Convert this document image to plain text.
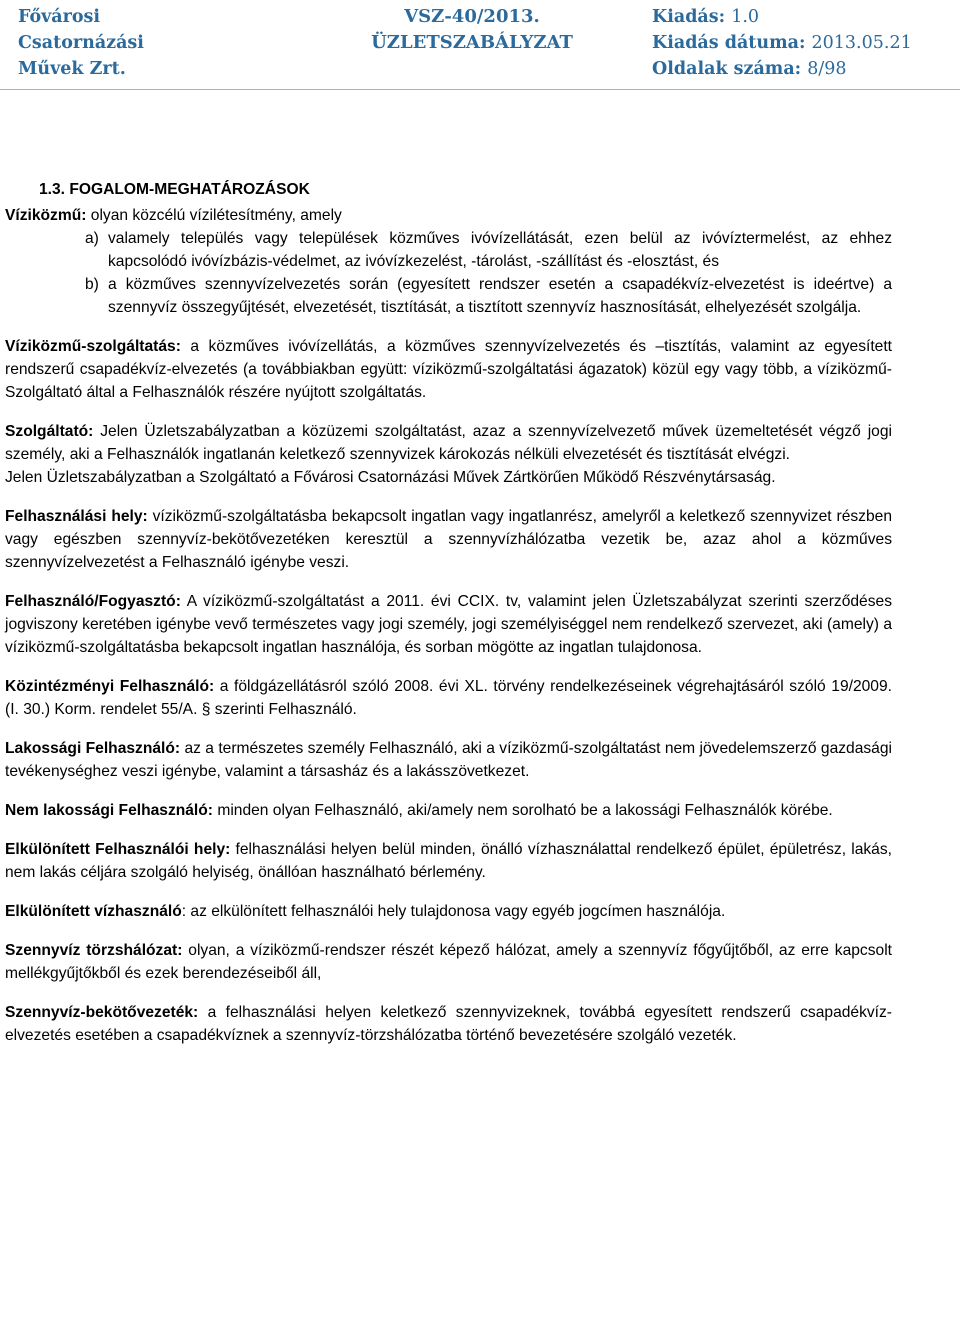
Fővárosi
Csatornázási
Művek Zrt.
VSZ-40/2013.
ÜZLETSZABÁLYZAT
Kiadás: 1.0
Kiadás dátuma: 2013.05.21
Oldalak száma: 8/98
1.3. FOGALOM-MEGHATÁROZÁSOK
Víziközmű: olyan közcélú vízilétesítmény, amely
a) valamely település vagy települések közműves ivóvízellátását, ezen belül az ivóvíztermelést, az ehhez kapcsolódó ivóvízbázis-védelmet, az ivóvízkezelést, -tárolást, -szállítást és -elosztást, és
b) a közműves szennyvízelvezetés során (egyesített rendszer esetén a csapadékvíz-elvezetést is ideértve) a szennyvíz összegyűjtését, elvezetését, tisztítását, a tisztított szennyvíz hasznosítását, elhelyezését szolgálja.
Víziközmű-szolgáltatás: a közműves ivóvízellátás, a közműves szennyvízelvezetés és –tisztítás, valamint az egyesített rendszerű csapadékvíz-elvezetés (a továbbiakban együtt: víziközmű-szolgáltatási ágazatok) közül egy vagy több, a víziközmű-Szolgáltató által a Felhasználók részére nyújtott szolgáltatás.
Szolgáltató: Jelen Üzletszabályzatban a közüzemi szolgáltatást, azaz a szennyvízelvezető művek üzemeltetését végző jogi személy, aki a Felhasználók ingatlanán keletkező szennyvizek károkozás nélküli elvezetését és tisztítását elvégzi.
Jelen Üzletszabályzatban a Szolgáltató a Fővárosi Csatornázási Művek Zártkörűen Működő Részvénytársaság.
Felhasználási hely: víziközmű-szolgáltatásba bekapcsolt ingatlan vagy ingatlanrész, amelyről a keletkező szennyvizet részben vagy egészben szennyvíz-bekötővezetéken keresztül a szennyvízhálózatba vezetik be, azaz ahol a közműves szennyvízelvezetést a Felhasználó igénybe veszi.
Felhasználó/Fogyasztó: A víziközmű-szolgáltatást a 2011. évi CCIX. tv, valamint jelen Üzletszabályzat szerinti szerződéses jogviszony keretében igénybe vevő természetes vagy jogi személy, jogi személyiséggel nem rendelkező szervezet, aki (amely) a víziközmű-szolgáltatásba bekapcsolt ingatlan használója, és sorban mögötte az ingatlan tulajdonosa.
Közintézményi Felhasználó: a földgázellátásról szóló 2008. évi XL. törvény rendelkezéseinek végrehajtásáról szóló 19/2009. (I. 30.) Korm. rendelet 55/A. § szerinti Felhasználó.
Lakossági Felhasználó: az a természetes személy Felhasználó, aki a víziközmű-szolgáltatást nem jövedelemszerző gazdasági tevékenységhez veszi igénybe, valamint a társasház és a lakásszövetkezet.
Nem lakossági Felhasználó: minden olyan Felhasználó, aki/amely nem sorolható be a lakossági Felhasználók körébe.
Elkülönített Felhasználói hely: felhasználási helyen belül minden, önálló vízhasználattal rendelkező épület, épületrész, lakás, nem lakás céljára szolgáló helyiség, önállóan használható bérlemény.
Elkülönített vízhasználó: az elkülönített felhasználói hely tulajdonosa vagy egyéb jogcímen használója.
Szennyvíz törzshálózat: olyan, a víziközmű-rendszer részét képező hálózat, amely a szennyvíz főgyűjtőből, az erre kapcsolt mellékgyűjtőkből és ezek berendezéseiből áll,
Szennyvíz-bekötővezeték: a felhasználási helyen keletkező szennyvizeknek, továbbá egyesített rendszerű csapadékvíz-elvezetés esetében a csapadékvíznek a szennyvíz-törzshálózatba történő bevezetésére szolgáló vezeték.
